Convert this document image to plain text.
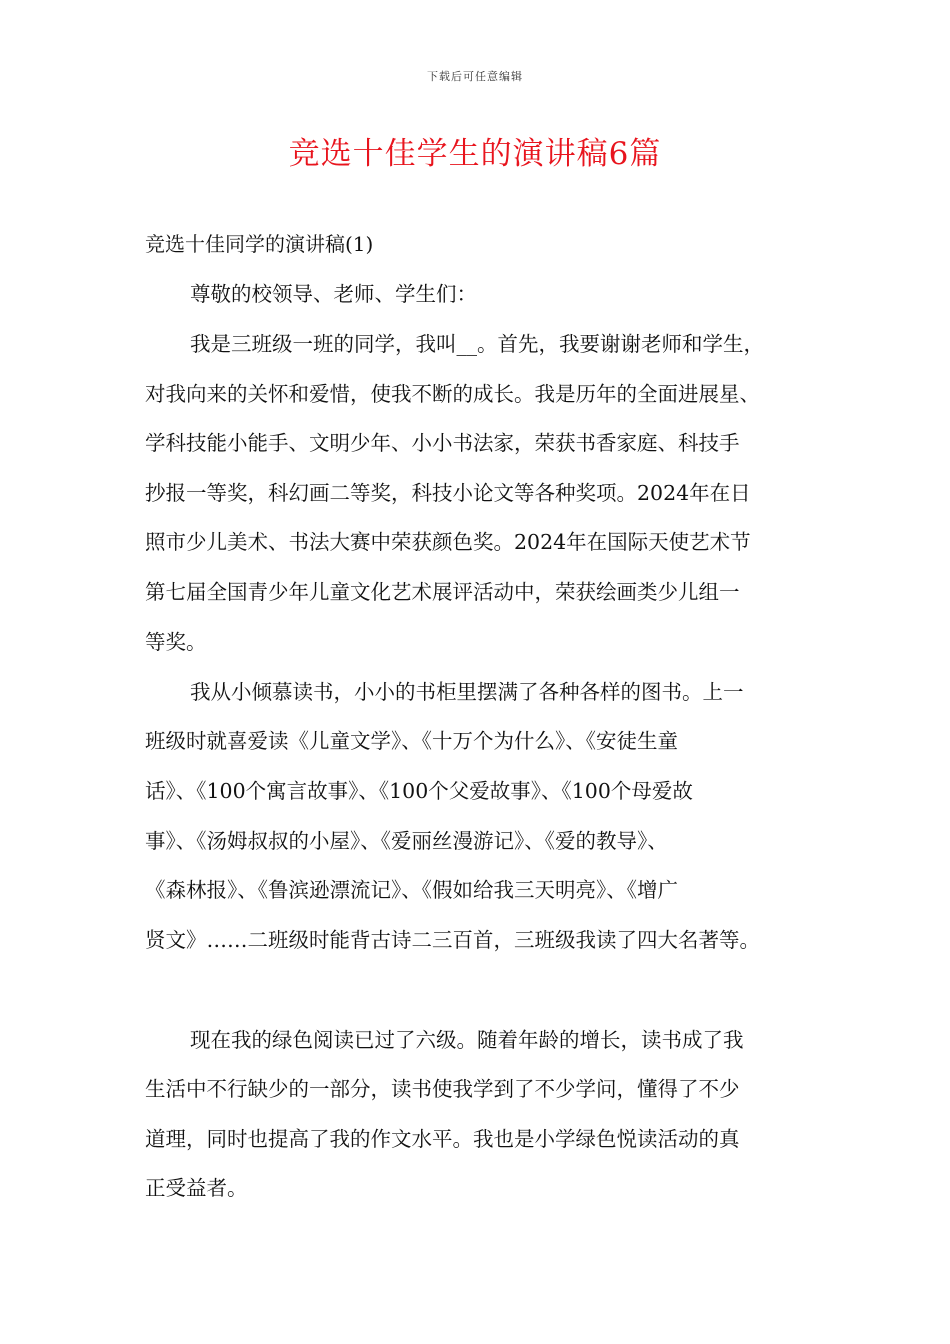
下载后可任意编辑
竞选十佳学生的演讲稿6篇
竞选十佳同学的演讲稿(1)
尊敬的校领导、老师、学生们：
我是三班级一班的同学，我叫__。首先，我要谢谢老师和学生，
对我向来的关怀和爱惜，使我不断的成长。我是历年的全面进展星、
学科技能小能手、文明少年、小小书法家，荣获书香家庭、科技手
抄报一等奖，科幻画二等奖，科技小论文等各种奖项。2024年在日
照市少儿美术、书法大赛中荣获颜色奖。2024年在国际天使艺术节
第七届全国青少年儿童文化艺术展评活动中，荣获绘画类少儿组一
等奖。
我从小倾慕读书，小小的书柜里摆满了各种各样的图书。上一
班级时就喜爱读《儿童文学》、《十万个为什么》、《安徒生童
话》、《100个寓言故事》、《100个父爱故事》、《100个母爱故
事》、《汤姆叔叔的小屋》、《爱丽丝漫游记》、《爱的教导》、
《森林报》、《鲁滨逊漂流记》、《假如给我三天明亮》、《增广
贤文》……二班级时能背古诗二三百首，三班级我读了四大名著等。
现在我的绿色阅读已过了六级。随着年龄的增长，读书成了我
生活中不行缺少的一部分，读书使我学到了不少学问，懂得了不少
道理，同时也提高了我的作文水平。我也是小学绿色悦读活动的真
正受益者。
